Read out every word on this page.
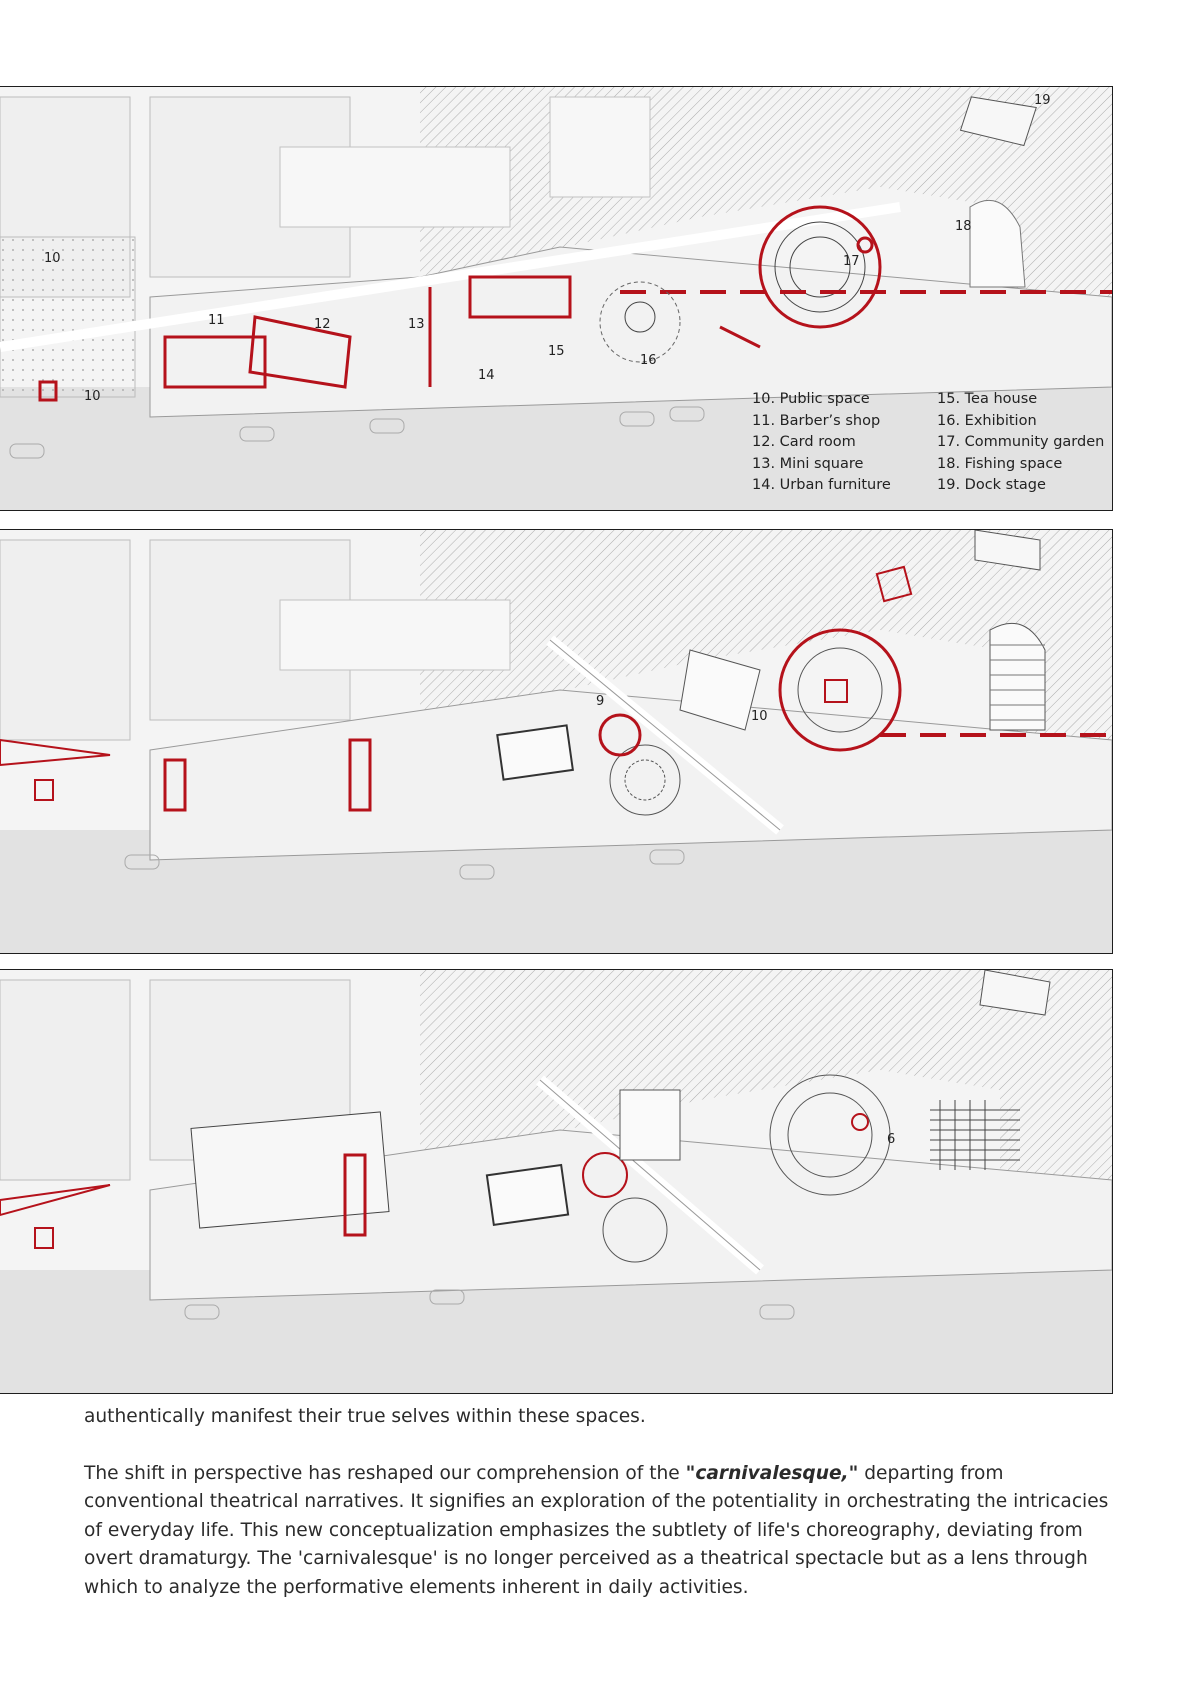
10
10
11	12	13
14
15
16
17
18
19
10. Public space
11. Barber’s shop
12. Card room
13. Mini square
14. Urban furniture
15. Tea house
16. Exhibition
17. Community garden
18. Fishing space
19. Dock stage
9
10
6

authentically manifest their true selves within these spaces.

The shift in perspective has reshaped our comprehension of the "carnivalesque," departing from conventional theatrical narratives. It signifies an exploration of the potentiality in orchestrating the intricacies of everyday life. This new conceptualization emphasizes the subtlety of life's choreography, deviating from overt dramaturgy. The 'carnivalesque' is no longer perceived as a theatrical spectacle but as a lens through which to analyze the performative elements inherent in daily activities.
